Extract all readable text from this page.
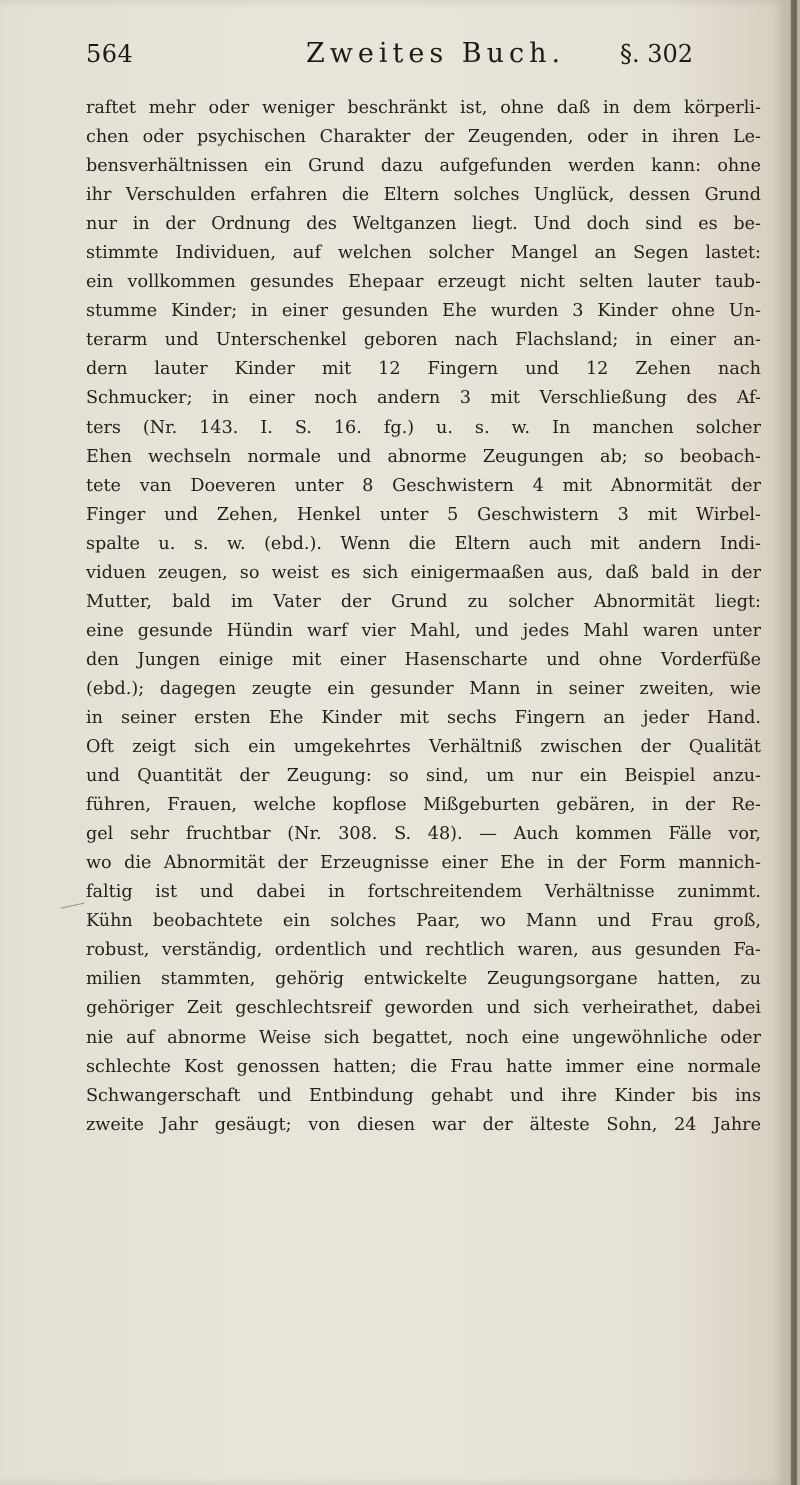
564	Zweites Buch. §. 302
raftet mehr oder weniger beschränkt ist, ohne daß in dem körperli-
chen oder psychischen Charakter der Zeugenden, oder in ihren Le-
bensverhältnissen ein Grund dazu aufgefunden werden kann: ohne
ihr Verschulden erfahren die Eltern solches Unglück, dessen Grund
nur in der Ordnung des Weltganzen liegt. Und doch sind es be-
stimmte Individuen, auf welchen solcher Mangel an Segen lastet:
ein vollkommen gesundes Ehepaar erzeugt nicht selten lauter taub-
stumme Kinder; in einer gesunden Ehe wurden 3 Kinder ohne Un-
terarm und Unterschenkel geboren nach Flachsland; in einer an-
dern lauter Kinder mit 12 Fingern und 12 Zehen nach
Schmucker; in einer noch andern 3 mit Verschließung des Af-
ters (Nr. 143. I. S. 16. fg.) u. s. w. In manchen solcher
Ehen wechseln normale und abnorme Zeugungen ab; so beobach-
tete van Doeveren unter 8 Geschwistern 4 mit Abnormität der
Finger und Zehen, Henkel unter 5 Geschwistern 3 mit Wirbel-
spalte u. s. w. (ebd.). Wenn die Eltern auch mit andern Indi-
viduen zeugen, so weist es sich einigermaaßen aus, daß bald in der
Mutter, bald im Vater der Grund zu solcher Abnormität liegt:
eine gesunde Hündin warf vier Mahl, und jedes Mahl waren unter
den Jungen einige mit einer Hasenscharte und ohne Vorderfüße
(ebd.); dagegen zeugte ein gesunder Mann in seiner zweiten, wie
in seiner ersten Ehe Kinder mit sechs Fingern an jeder Hand.
Oft zeigt sich ein umgekehrtes Verhältniß zwischen der Qualität
und Quantität der Zeugung: so sind, um nur ein Beispiel anzu-
führen, Frauen, welche kopflose Mißgeburten gebären, in der Re-
gel sehr fruchtbar (Nr. 308. S. 48). — Auch kommen Fälle vor,
wo die Abnormität der Erzeugnisse einer Ehe in der Form mannich-
faltig ist und dabei in fortschreitendem Verhältnisse zunimmt.
Kühn beobachtete ein solches Paar, wo Mann und Frau groß,
robust, verständig, ordentlich und rechtlich waren, aus gesunden Fa-
milien stammten, gehörig entwickelte Zeugungsorgane hatten, zu
gehöriger Zeit geschlechtsreif geworden und sich verheirathet, dabei
nie auf abnorme Weise sich begattet, noch eine ungewöhnliche oder
schlechte Kost genossen hatten; die Frau hatte immer eine normale
Schwangerschaft und Entbindung gehabt und ihre Kinder bis ins
zweite Jahr gesäugt; von diesen war der älteste Sohn, 24 Jahre
